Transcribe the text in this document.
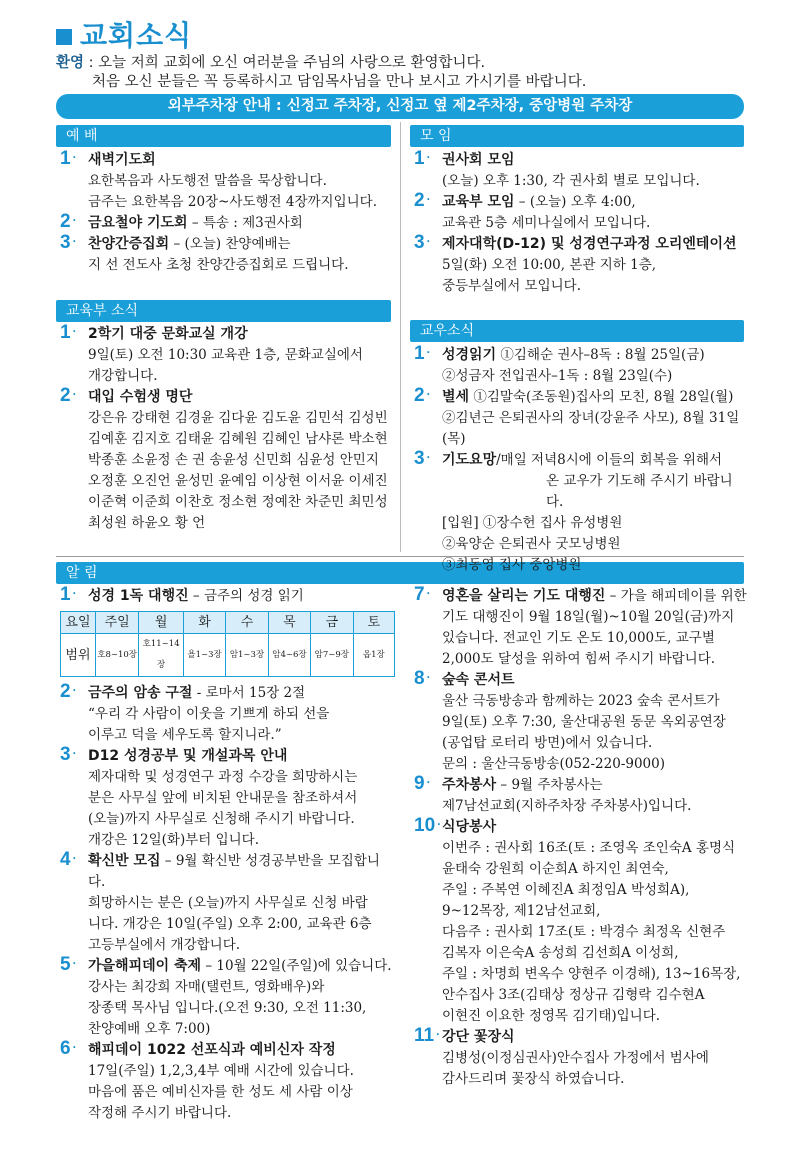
교회소식
환영 : 오늘 저희 교회에 오신 여러분을 주님의 사랑으로 환영합니다.
처음 오신 분들은 꼭 등록하시고 담임목사님을 만나 보시고 가시기를 바랍니다.
외부주차장 안내 : 신정고 주차장, 신정고 옆 제2주차장, 중앙병원 주차장
예 배	모 임
교육부 소식
교우소식
알 림
1 ·	새벽기도회
요한복음과 사도행전 말씀을 묵상합니다.
금주는 요한복음 20장~사도행전 4장까지입니다.
2 ·	금요철야 기도회 – 특송 : 제3권사회
3 ·	찬양간증집회 – (오늘) 찬양예배는
지 선 전도사 초청 찬양간증집회로 드립니다.
1 ·	권사회 모임
(오늘) 오후 1:30, 각 권사회 별로 모입니다.
2 ·	교육부 모임 – (오늘) 오후 4:00,
교육관 5층 세미나실에서 모입니다.
3 ·	제자대학(D-12) 및 성경연구과정 오리엔테이션
5일(화) 오전 10:00, 본관 지하 1층,
중등부실에서 모입니다.
1 ·	2학기 대중 문화교실 개강
9일(토) 오전 10:30 교육관 1층, 문화교실에서
개강합니다.
2 ·	대입 수험생 명단
강은유 강태현 김경윤 김다윤 김도윤 김민석 김성빈
김예훈 김지호 김태윤 김혜원 김혜인 남샤론 박소현
박종훈 소윤정 손 권 송윤성 신민희 심윤성 안민지
오정훈 오진언 윤성민 윤예임 이상현 이서윤 이세진
이준혁 이준희 이찬호 정소현 정예찬 차준민 최민성
최성원 하윤오 황 언
1 ·	성경읽기 ①김해순 권사–8독 : 8월 25일(금)
②성금자 전입권사–1독 : 8월 23일(수)
2 ·	별세 ①김말숙(조동원)집사의 모친, 8월 28일(월)
②김년근 은퇴권사의 장녀(강윤주 사모), 8월 31일(목)
3 ·	기도요망/매일 저녁8시에 이들의 회복을 위해서
온 교우가 기도해 주시기 바랍니다.
[입원] ①장수헌 집사 유성병원
②육양순 은퇴권사 굿모닝병원
③최동영 집사 중앙병원
1 ·	성경 1독 대행진 – 금주의 성경 읽기
요일	주일	월	화	수	목	금	토
범위	호8~10장	호11~14장	욜1~3장	암1~3장	암4~6장	암7~9장	옵1장
2 ·	금주의 암송 구절 - 로마서 15장 2절
“우리 각 사람이 이웃을 기쁘게 하되 선을
이루고 덕을 세우도록 할지니라.”
3 ·	D12 성경공부 및 개설과목 안내
제자대학 및 성경연구 과정 수강을 희망하시는
분은 사무실 앞에 비치된 안내문을 참조하셔서
(오늘)까지 사무실로 신청해 주시기 바랍니다.
개강은 12일(화)부터 입니다.
4 ·	확신반 모집 – 9월 확신반 성경공부반을 모집합니다.
희망하시는 분은 (오늘)까지 사무실로 신청 바랍
니다. 개강은 10일(주일) 오후 2:00, 교육관 6층
고등부실에서 개강합니다.
5 ·	가을해피데이 축제 – 10월 22일(주일)에 있습니다.
강사는 최강희 자매(탤런트, 영화배우)와
장종택 목사님 입니다.(오전 9:30, 오전 11:30,
찬양예배 오후 7:00)
6 ·	해피데이 1022 선포식과 예비신자 작정
17일(주일) 1,2,3,4부 예배 시간에 있습니다.
마음에 품은 예비신자를 한 성도 세 사람 이상
작정해 주시기 바랍니다.
7 ·	영혼을 살리는 기도 대행진 – 가을 해피데이를 위한
기도 대행진이 9월 18일(월)~10월 20일(금)까지
있습니다. 전교인 기도 온도 10,000도, 교구별
2,000도 달성을 위하여 힘써 주시기 바랍니다.
8 ·	숲속 콘서트
울산 극동방송과 함께하는 2023 숲속 콘서트가
9일(토) 오후 7:30, 울산대공원 동문 옥외공연장
(공업탑 로터리 방면)에서 있습니다.
문의 : 울산극동방송(052-220-9000)
9 ·	주차봉사 – 9월 주차봉사는
제7남선교회(지하주차장 주차봉사)입니다.
10 · 식당봉사
이번주 : 권사회 16조(토 : 조영옥 조인숙A 홍명식
윤태숙 강원희 이순희A 하지인 최연숙,
주일 : 주복연 이혜진A 최정임A 박성희A),
9~12목장, 제12남선교회,
다음주 : 권사회 17조(토 : 박경수 최정옥 신현주
김복자 이은숙A 송성희 김선희A 이성희,
주일 : 차명희 변옥수 양현주 이경해), 13~16목장,
안수집사 3조(김태상 정상규 김형락 김수현A
이현진 이요한 정영목 김기태)입니다.
11 · 강단 꽃장식
김병성(이정심권사)안수집사 가정에서 범사에
감사드리며 꽃장식 하였습니다.
